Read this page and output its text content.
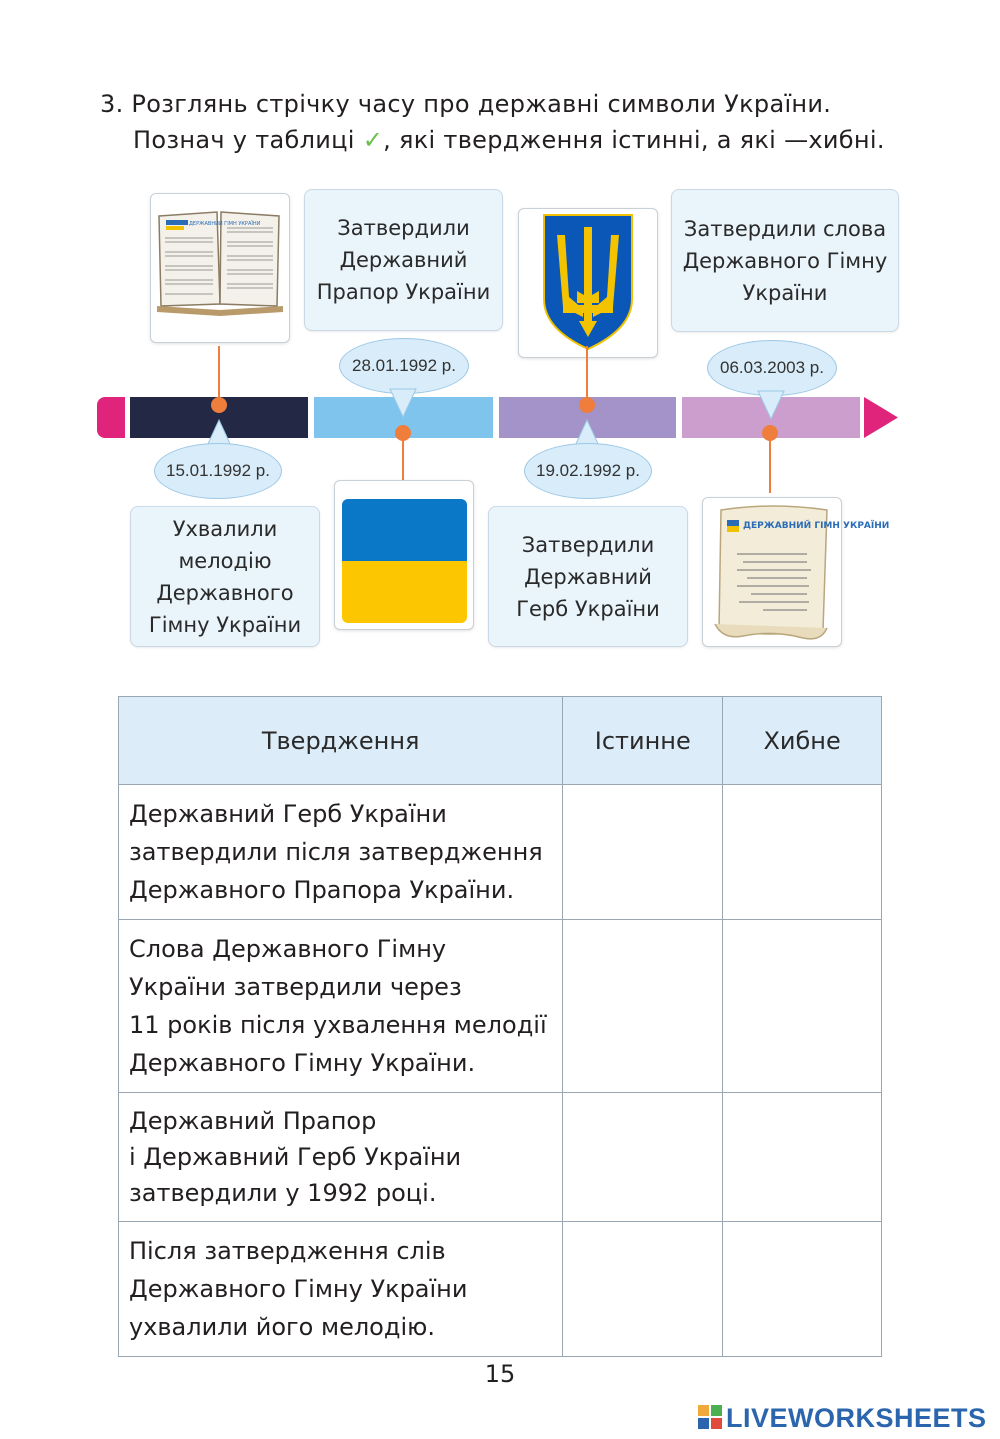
3. Розглянь стрічку часу про державні символи України.
Познач у таблиці ✓, які твердження істинні, а які —хибні.
ДЕРЖАВНИЙ ГІМН УКРАЇНИ
15.01.1992 р.
Ухвалили мелодію Державного Гімну України
Затвердили Державний Прапор України
28.01.1992 р.
19.02.1992 р.
Затвердили Державний Герб України
Затвердили слова Державного Гімну України
06.03.2003 р.
ДЕРЖАВНИЙ ГІМН УКРАЇНИ
Твердження	Істинне	Хибне

Державний Герб України
затвердили після затвердження
Державного Прапора України.		

Слова Державного Гімну
України затвердили через
11 років після ухвалення мелодії
Державного Гімну України.		

Державний Прапор
і Державний Герб України
затвердили у 1992 році.		

Після затвердження слів
Державного Гімну України
ухвалили його мелодію.		

15
LIVEWORKSHEETS
